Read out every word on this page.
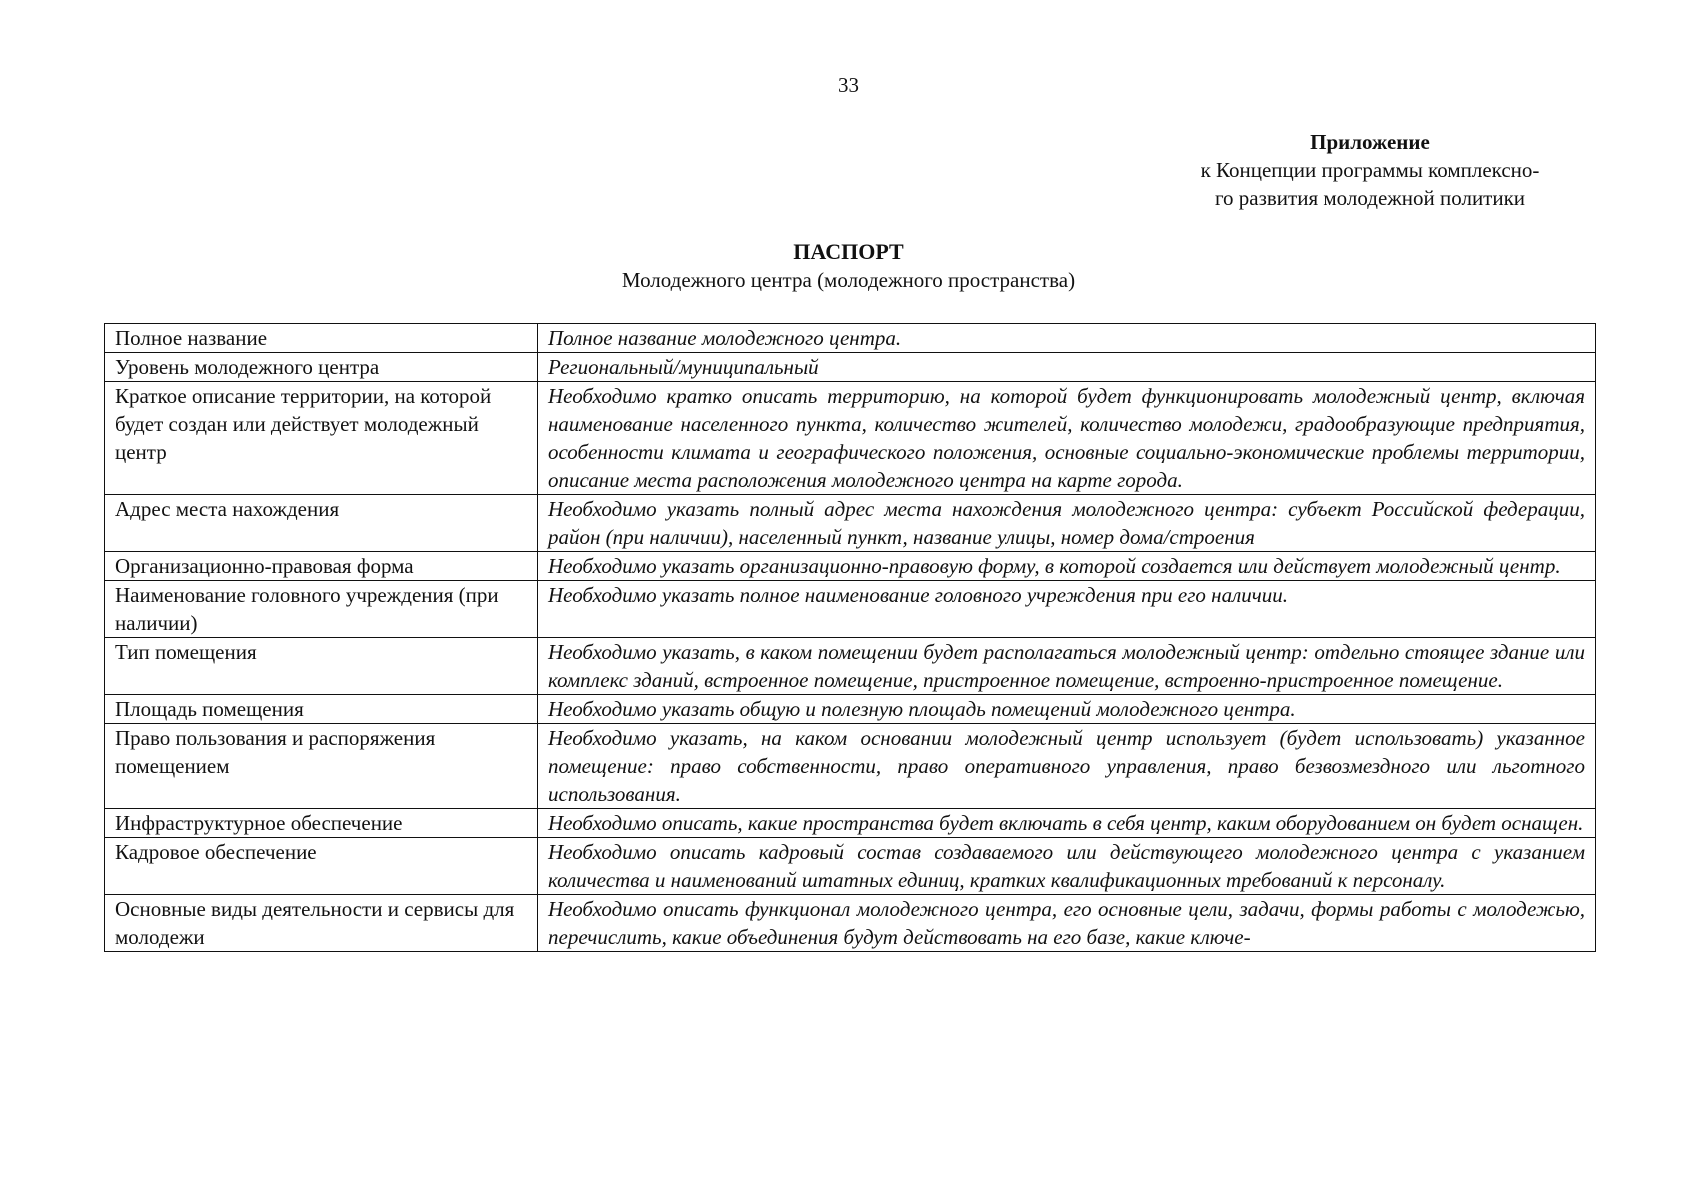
33
Приложение
к Концепции программы комплексно-
го развития молодежной политики
ПАСПОРТ
Молодежного центра (молодежного пространства)
Полное название	Полное название молодежного центра.
Уровень молодежного центра	Региональный/муниципальный
Краткое описание территории, на которой будет создан или действует молодежный центр	Необходимо кратко описать территорию, на которой будет функционировать молодежный центр, включая наименование населенного пункта, количество жителей, количество молодежи, градообразующие предприятия, особенности климата и географического положения, основные социально-экономические проблемы территории, описание места расположения молодежного центра на карте города.
Адрес места нахождения	Необходимо указать полный адрес места нахождения молодежного центра: субъект Российской федерации, район (при наличии), населенный пункт, название улицы, номер дома/строения
Организационно-правовая форма	Необходимо указать организационно-правовую форму, в которой создается или действует молодежный центр.
Наименование головного учреждения (при наличии)	Необходимо указать полное наименование головного учреждения при его наличии.
Тип помещения	Необходимо указать, в каком помещении будет располагаться молодежный центр: отдельно стоящее здание или комплекс зданий, встроенное помещение, пристроенное помещение, встроенно-пристроенное помещение.
Площадь помещения	Необходимо указать общую и полезную площадь помещений молодежного центра.
Право пользования и распоряжения помещением	Необходимо указать, на каком основании молодежный центр использует (будет использовать) указанное помещение: право собственности, право оперативного управления, право безвозмездного или льготного использования.
Инфраструктурное обеспечение	Необходимо описать, какие пространства будет включать в себя центр, каким оборудованием он будет оснащен.
Кадровое обеспечение	Необходимо описать кадровый состав создаваемого или действующего молодежного центра с указанием количества и наименований штатных единиц, кратких квалификационных требований к персоналу.
Основные виды деятельности и сервисы для молодежи	Необходимо описать функционал молодежного центра, его основные цели, задачи, формы работы с молодежью, перечислить, какие объединения будут действовать на его базе, какие ключе-
